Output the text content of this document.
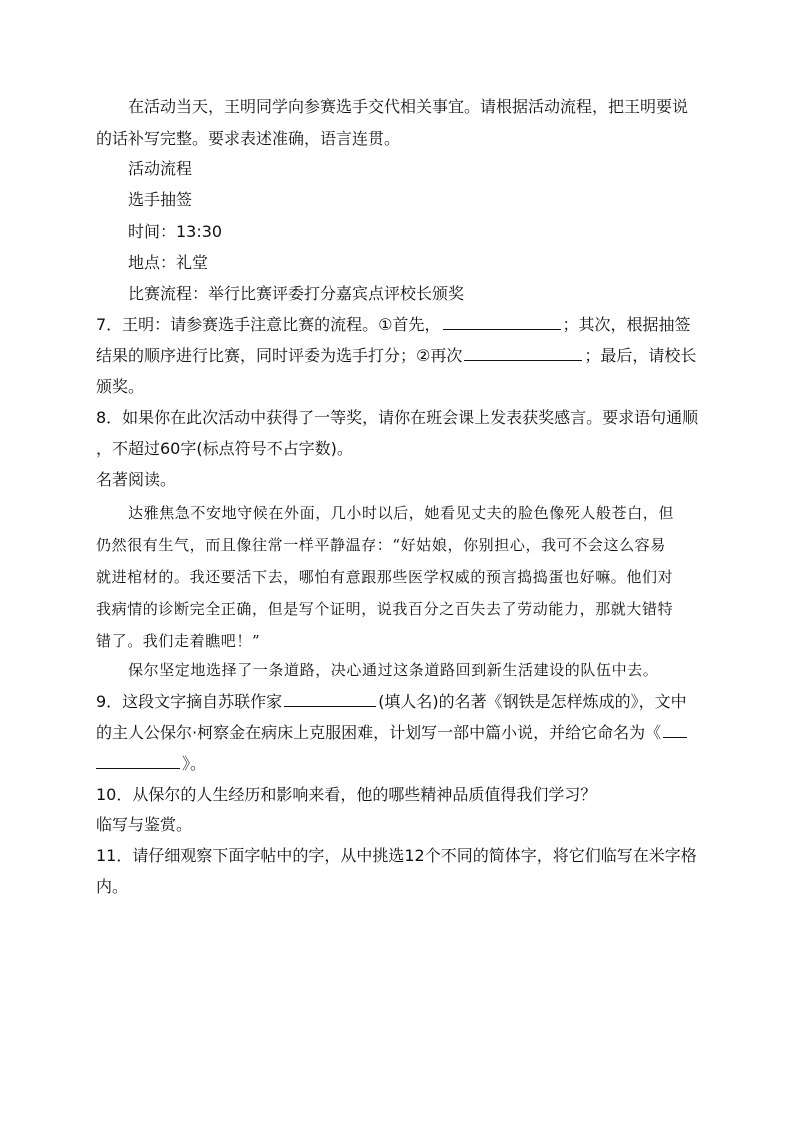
在活动当天，王明同学向参赛选手交代相关事宜。请根据活动流程，把王明要说
的话补写完整。要求表述准确，语言连贯。
活动流程
选手抽签
时间：13:30
地点：礼堂
比赛流程：举行比赛评委打分嘉宾点评校长颁奖
7．王明：请参赛选手注意比赛的流程。①首先，	；其次，根据抽签
结果的顺序进行比赛，同时评委为选手打分；②再次	；最后，请校长
颁奖。
8．如果你在此次活动中获得了一等奖，请你在班会课上发表获奖感言。要求语句通顺
，不超过60字(标点符号不占字数)。
名著阅读。
达雅焦急不安地守候在外面，几小时以后，她看见丈夫的脸色像死人般苍白，但
仍然很有生气，而且像往常一样平静温存：“好姑娘，你别担心，我可不会这么容易
就进棺材的。我还要活下去，哪怕有意跟那些医学权威的预言捣捣蛋也好嘛。他们对
我病情的诊断完全正确，但是写个证明，说我百分之百失去了劳动能力，那就大错特
错了。我们走着瞧吧！”
保尔坚定地选择了一条道路，决心通过这条道路回到新生活建设的队伍中去。
9．这段文字摘自苏联作家	(填人名)的名著《钢铁是怎样炼成的》，文中
的主人公保尔·柯察金在病床上克服困难，计划写一部中篇小说，并给它命名为《
》。
10．从保尔的人生经历和影响来看，他的哪些精神品质值得我们学习？
临写与鉴赏。
11．请仔细观察下面字帖中的字，从中挑选12个不同的简体字，将它们临写在米字格
内。
